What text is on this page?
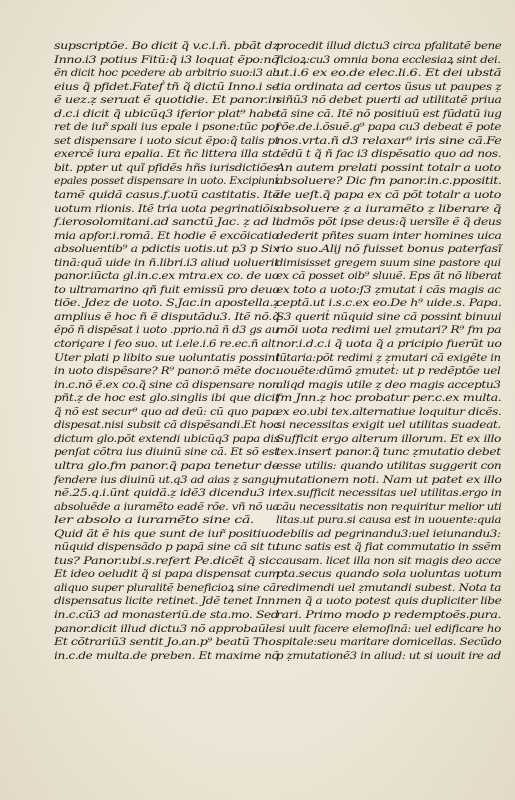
supscriptõe. Bo dicit q̃ v.c.i.ñ. pbãt dz
Inno.i3 potius Fitũ:q̃ i3 loquaṭ ẽpo:nõ
ẽn dicit hoc pcedere ab arbitrio suo:i3 ab
eius q̃ pfidet.Fateḟ tñ q̃ dictũ Inno.i se
ẽ uez.ẓ seruat ẽ quotidie. Et panor.in
d.c.i dicit q̃ ubicũq3 iferior plat⁹ habe
ret de iur̃ spali ius epale i psone:tũc poſ
set dispensare i uoto sicut ẽpo:q̃ talis pt
exercẽ iura epalia. Et ñc littera illa sta
bit. ppter ut quĩ pfidẽs hñs iurisdictiões
epales posset dispensare in uoto. Excipiunṫ
tamẽ quidã casus.f.uotũ castitatis. Itẽ
uotum rlionis. Itẽ tria uota pegrinatiõis
f.ierosolomitani.ad sanctũ Jac. ẓ ad li
mia apfor.i.romã. Et hodie ẽ excõicatio
absoluentib⁹ a pdictis uotis.ut p3 p Six
tinã:quã uide in ñ.libri.i3 aliud uoluerit
panor.iũcta gl.in.c.ex mtra.ex co. de uo
to ultramarino qñ fuit emissũ pro deuo
tiõe. Jdez de uoto. S.Jac.in apostella.ẓ
amplius ẽ hoc ñ ẽ disputãdu3. Itẽ nõ.q̃
ẽpõ ñ dispẽsat i uoto .pprio.nã ñ d3 gs au
ctoriçare i feo suo. ut i.ele.i.6 re.ec.ñ alt.
Uter plati p libito sue uoluntatis possint
in uoto dispẽsare? R⁹ panor.õ mẽte doc.
in.c.nõ ẽ.ex co.q̃ sine cã dispensare non
pñt.ẓ de hoc est glo.singlis ibi que dicit
q̃ nõ est secur⁹ quo ad deũ: cũ quo papa
dispesat.nisi subsit cã dispẽsandi.Et hoc
dictum glo.põt extendi ubicũq3 papa dis
penſat cõtra ius diuinũ sine cã. Et sõ est
ultra glo.fm panor.q̃ papa tenetur de
fendere ius diuinũ ut.q3 ad aias ẓ sanguj
nẽ.25.q.i.ũnt quidã.ẓ idẽ3 dicendu3 in
absoluẽde a iuramẽto eadẽ rõe. vñ nõ ua
ler absolo a iuramẽto sine cã.
Quid ãt ẽ his que sunt de iur̃ positiuo.
nũquid dispensãdo p papã sine cã sit tu
tus? Panor.ubi.s.refert Pe.dicẽt q̃ sic.
Et ideo oeludit q̃ si papa dispensat cum
aliquo super pluralitẽ beneficioꝝ sine cã:
dispensatus licite retinet. Jdẽ tenet Inn.
in.c.cũ3 ad monasteriũ.de sta.mo. Sed
panor.dicit illud dictu3 nõ approbaũle.
Et cõtrariũ3 sentit Jo.an.p⁹ beatũ Tho.
in.c.de multa.de preben. Et maxime nõ
procedit illud dictu3 circa pfalitatẽ bene
ficioꝝ:cu3 omnia bona ecclesiaꝝ sint dei.
ut.i.6 ex eo.de elec.li.6. Et dei ubstã
tia ordinata ad certos ũsus ut paupes ẓ
siñũ3 nõ debet puerti ad utilitatẽ priua
tã sine cã. Itẽ nõ positiuũ est fũdatũ iug
rõe.de.i.õsuẽ.g⁹ papa cu3 debeat ẽ pote
nos.vrta.ñ d3 relaxar⁹ iris sine cã.Fe
tẽdũ t q̃ ñ fac i3 dispẽsatio quo ad nos.
An autem prelati possint totalr a uoto
absoluere? Dic fm panor.in.c.ppositit.
de ueſt.q̃ papa ex cã põt totalr a uoto
absoluere ẓ a iuramẽto ẓ liberare q̃
admõs põt ipse deus:q̃ uersĩle ẽ q̃ deus
dederit pñtes suam inter homines uica
rio suo.Alij nõ fuisset bonus paterfasĩ
dimisisset gregem suum sine pastore qui
ex cã posset oib⁹ sluuẽ. Eps ãt nõ liberat
ex toto a uoto:ſ3 ẓmutat i cãs magis ac
ceptã.ut i.s.c.ex eo.De h⁹ uide.s. Papa.
S3 queriṫ nũquid sine cã possint binuui
mõi uota redimi uel ẓmutari? R⁹ fm pa
nor.i.d.c.i q̃ uota q̃ a pricipio fuerũt uo
lũtaria:põt redimi ẓ ẓmutari cã exigẽte in
uouẽte:dũmõ ẓmuteṫ: ut p redẽptõe uel
aliqd magis utile ẓ deo magis acceptu3
fm Jnn.ẓ hoc probatur per.c.ex multa.
ex eo.ubi tex.alternatiue loquitur dicẽs.
si necessitas exigit uel utilitas suadeat.
Sufficit ergo alterum illorum. Et ex illo
tex.insert panor.q̃ tunc ẓmutatio debet
esse utilis: quando utilitas suggerit con
mutationem noti. Nam ut patet ex illo
tex.sufficit necessitas uel utilitas.ergo in
cãu necessitatis non requiritur melior uti
litas.ut pura.si causa est in uouente:quia
debilis ad pegrinandu3:uel ieiunandu3:
tunc satis est q̃ fiat commutatio in ssẽm
causam. licet illa non sit magis deo acce
pta.secus quando sola uoluntas uotum
redimendi uel ẓmutandi subest. Nota ta
men q̃ a uoto potest quis dupliciter libe
rari. Primo modo p redemptoẽs.pura.
si uult facere elemoſinã: uel edificare ho
spitale:seu maritare domicellas. Secũdo
p ẓmutationẽ3 in aliud: ut si uouit ire ad
